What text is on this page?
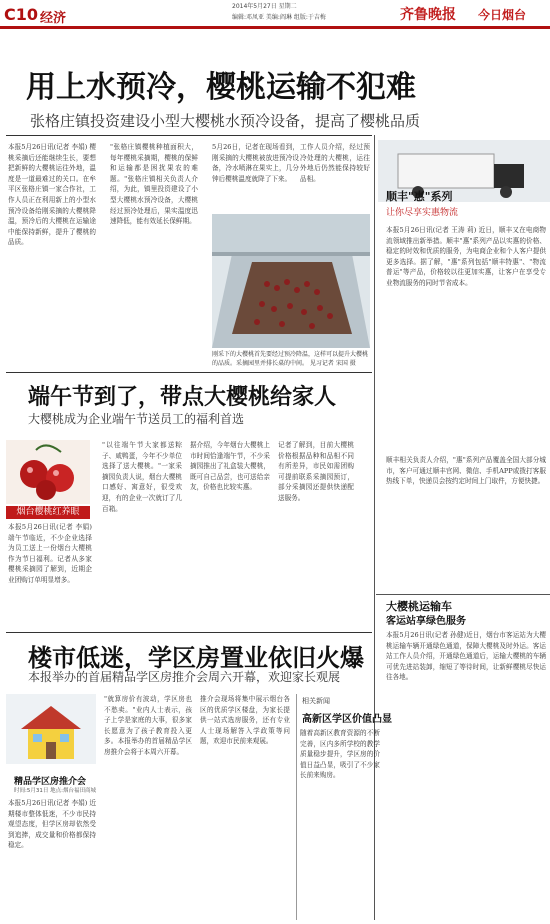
C10 经济
2014年5月27日 星期二
编辑:邓凤亚 美编:阎琳 组版:于吉梅	齐鲁晚报 今日烟台
用上水预冷，樱桃运输不犯难
张格庄镇投资建设小型大樱桃水预冷设备，提高了樱桃品质
本报5月26日讯(记者 李娟) 樱桃采摘后还能继续生长，要想把新鲜的大樱桃运往外地，温度是一道最难过的关口。在牟平区张格庄镇一家合作社，工作人员正在利用新上的小型水预冷设备给刚采摘的大樱桃降温，预冷后的大樱桃在运输途中能保持新鲜，提升了樱桃的品质。
"张格庄镇樱桃种植面积大，每年樱桃采摘期，樱桃的保鲜和运输都是困扰果农的难题。"张格庄镇相关负责人介绍，为此，镇里投资建设了小型大樱桃水预冷设备，大樱桃经过预冷处理后，果实温度迅速降低，能有效延长保鲜期。
5月26日，记者在现场看到，刚采摘的大樱桃被放进预冷设备，冷水喷淋在果实上，几分钟后樱桃温度就降了下来。
工作人员介绍，经过预冷处理的大樱桃，运往外地后仍然能保持较好品相。
刚采下的大樱桃首先要经过预冷降温，这样可以提升大樱桃的品质。采摘园里并排长桌的中间。 见习记者 宋国 摄
顺丰"惠"系列
让你尽享实惠物流
本报5月26日讯(记者 王涛 莉) 近日，顺丰又在电商物流领域推出新举措。顺丰"惠"系列产品以实惠的价格、稳定的时效和优质的服务，为电商企业和个人客户提供更多选择。据了解，"惠"系列包括"顺丰特惠"、"物流普运"等产品，价格较以往更加实惠，让客户在享受专业物流服务的同时节省成本。
顺丰相关负责人介绍，"惠"系列产品覆盖全国大部分城市，客户可通过顺丰官网、微信、手机APP或拨打客服热线下单，快递员会按约定时间上门取件，方便快捷。
端午节到了，带点大樱桃给家人
大樱桃成为企业端午节送员工的福利首选
烟台樱桃红养眼
本报5月26日讯(记者 李娟) 端午节临近，不少企业选择为员工送上一份烟台大樱桃作为节日福利。记者从多家樱桃采摘园了解到，近期企业团购订单明显增多。
"以往端午节大家都送粽子、咸鸭蛋，今年不少单位选择了送大樱桃。"一家采摘园负责人说，烟台大樱桃口感好、寓意好，很受欢迎，有的企业一次就订了几百箱。
据介绍，今年烟台大樱桃上市时间恰逢端午节，不少采摘园推出了礼盒装大樱桃，既可自己品尝，也可送给亲友，价格也比较实惠。
记者了解到，目前大樱桃价格根据品种和品相不同有所差异，市民如需团购可提前联系采摘园预订，部分采摘园还提供快递配送服务。
大樱桃运输车
客运站享绿色服务
本报5月26日讯(记者 孙健)近日，烟台市客运站为大樱桃运输车辆开通绿色通道，保障大樱桃及时外运。客运站工作人员介绍，开通绿色通道后，运输大樱桃的车辆可优先进站装卸，缩短了等待时间，让新鲜樱桃尽快运往各地。
楼市低迷，学区房置业依旧火爆
本报举办的首届精品学区房推介会周六开幕，欢迎家长观展
精品学区房推介会
时间:5月31日 地点:烟台福田商城
本报5月26日讯(记者 李娟) 近期楼市整体低迷，不少市民持观望态度，但学区房却依然受到追捧，成交量和价格都保持稳定。
"就算房价有波动，学区房也不愁卖。"业内人士表示，孩子上学是家庭的大事，很多家长愿意为了孩子教育投入更多。本报举办的首届精品学区房推介会将于本周六开幕。
推介会现场将集中展示烟台各区的优质学区楼盘，为家长提供一站式选房服务，还有专业人士现场解答入学政策等问题，欢迎市民前来观展。
相关新闻
高新区学区价值凸显
随着高新区教育资源的不断完善，区内多所学校的教学质量稳步提升，学区房的价值日益凸显，吸引了不少家长前来购房。
